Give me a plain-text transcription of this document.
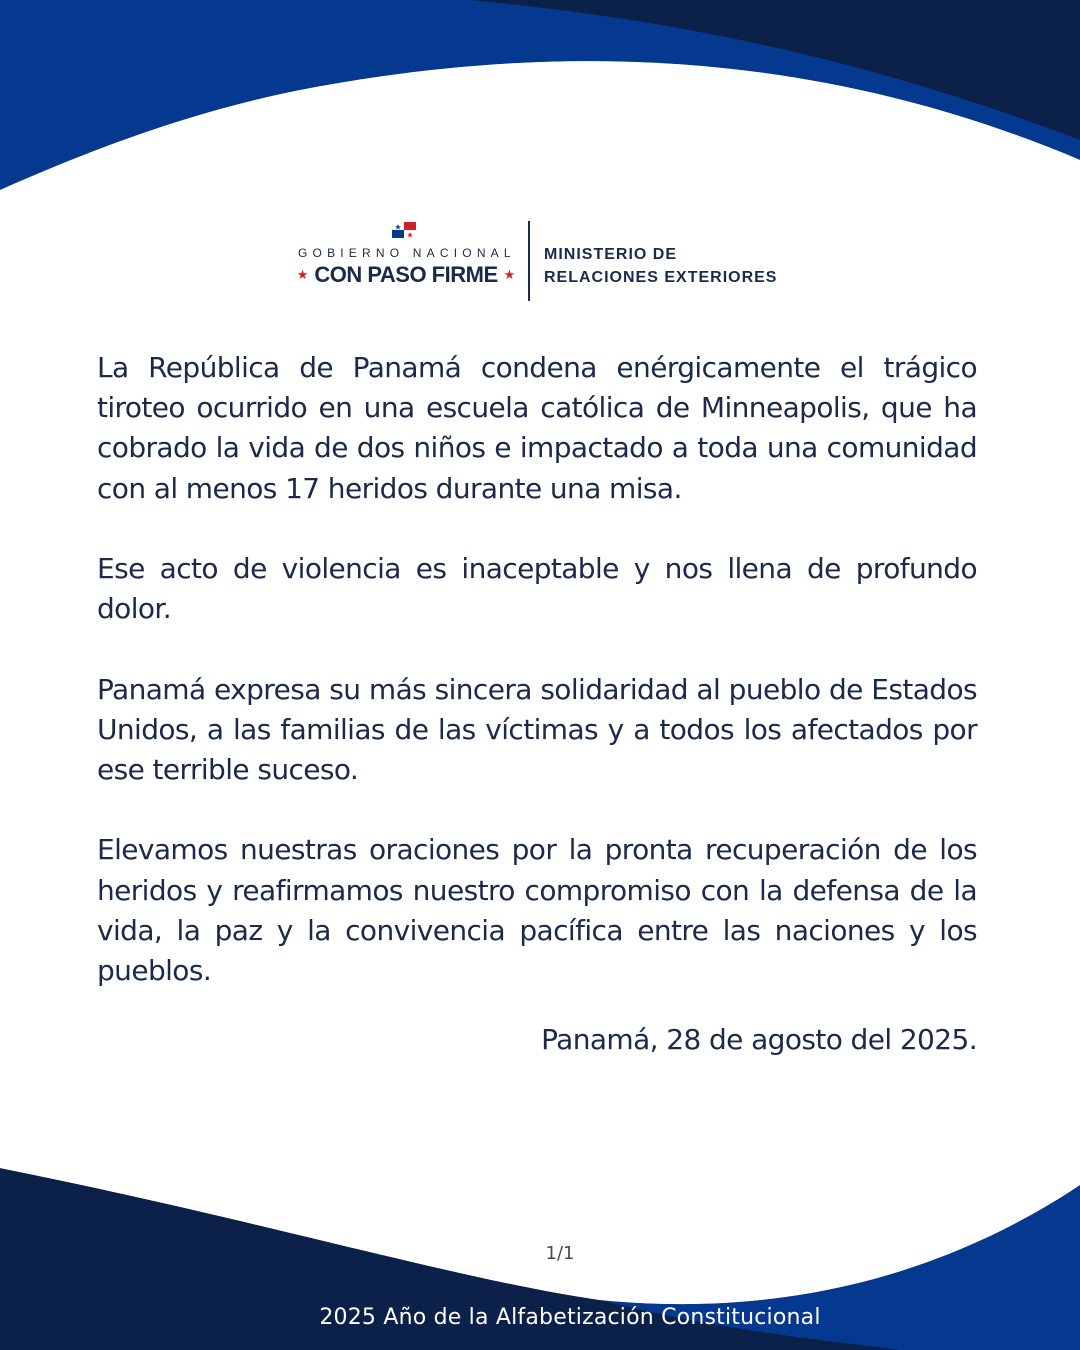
GOBIERNO NACIONAL
★ CON PASO FIRME ★
MINISTERIO DE
RELACIONES EXTERIORES

La República de Panamá condena enérgicamente el trágico tiroteo ocurrido en una escuela católica de Minneapolis, que ha cobrado la vida de dos niños e impactado a toda una comunidad con al menos 17 heridos durante una misa.

Ese acto de violencia es inaceptable y nos llena de profundo dolor.

Panamá expresa su más sincera solidaridad al pueblo de Estados Unidos, a las familias de las víctimas y a todos los afectados por ese terrible suceso.

Elevamos nuestras oraciones por la pronta recuperación de los heridos y reafirmamos nuestro compromiso con la defensa de la vida, la paz y la convivencia pacífica entre las naciones y los pueblos.

Panamá, 28 de agosto del 2025.
1/1
2025 Año de la Alfabetización Constitucional
